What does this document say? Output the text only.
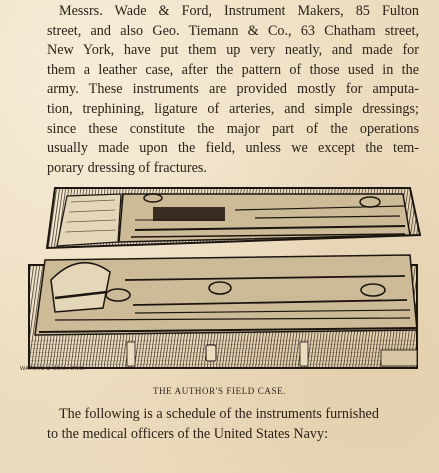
Messrs. Wade & Ford, Instrument Makers, 85 Fulton
street, and also Geo. Tiemann & Co., 63 Chatham street,
New York, have put them up very neatly, and made for
them a leather case, after the pattern of those used in the
army. These instruments are provided mostly for amputa-
tion, trephining, ligature of arteries, and simple dressings;
since these constitute the major part of the operations
usually made upon the field, unless we except the tem-
porary dressing of fractures.

WATERS & SON , ENG.
THE AUTHOR'S FIELD CASE.

The following is a schedule of the instruments furnished
to the medical officers of the United States Navy:
